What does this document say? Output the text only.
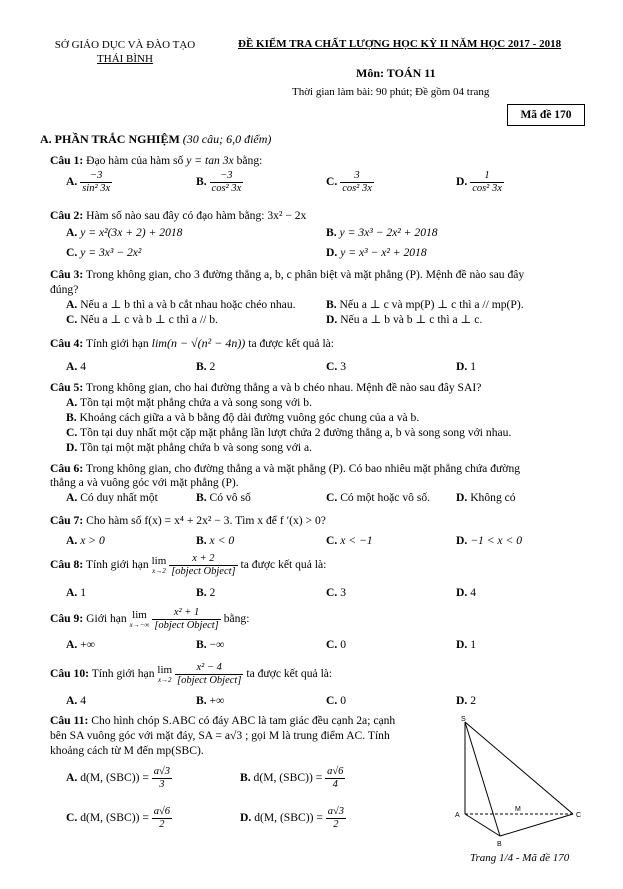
SỞ GIÁO DỤC VÀ ĐÀO TẠO
THÁI BÌNH
ĐỀ KIỂM TRA CHẤT LƯỢNG HỌC KỲ II NĂM HỌC 2017 - 2018
Môn: TOÁN 11
Thời gian làm bài: 90 phút; Đề gồm 04 trang
Mã đề 170
A. PHẦN TRẮC NGHIỆM (30 câu; 6,0 điểm)
Câu 1: Đạo hàm của hàm số y = tan 3x bằng:
A. $\frac{-3}{\text{sin² 3x}}$	B. $\frac{-3}{\text{cos² 3x}}$	C. $\frac{3}{\text{cos² 3x}}$	D. $\frac{1}{\text{cos² 3x}}$
Câu 2: Hàm số nào sau đây có đạo hàm bằng: 3x² − 2x
A. y = x²(3x + 2) + 2018	B. y = 3x³ − 2x² + 2018
C. y = 3x³ − 2x²	D. y = x³ − x² + 2018
Câu 3: Trong không gian, cho 3 đường thẳng a, b, c phân biệt và mặt phẳng (P). Mệnh đề nào sau đây
đúng?
A. Nếu a ⊥ b thì a và b cắt nhau hoặc chéo nhau.	B. Nếu a ⊥ c và mp(P) ⊥ c thì a // mp(P).
C. Nếu a ⊥ c và b ⊥ c thì a // b.	D. Nếu a ⊥ b và b ⊥ c thì a ⊥ c.
Câu 4: Tính giới hạn lim(n − √(n² − 4n)) ta được kết quả là:
A. 4	B. 2	C. 3	D. 1
Câu 5: Trong không gian, cho hai đường thẳng a và b chéo nhau. Mệnh đề nào sau đây SAI?
A. Tồn tại một mặt phẳng chứa a và song song với b.
B. Khoảng cách giữa a và b bằng độ dài đường vuông góc chung của a và b.
C. Tồn tại duy nhất một cặp mặt phẳng lần lượt chứa 2 đường thẳng a, b và song song với nhau.
D. Tồn tại một mặt phẳng chứa b và song song với a.
Câu 6: Trong không gian, cho đường thẳng a và mặt phẳng (P). Có bao nhiêu mặt phẳng chứa đường
thẳng a và vuông góc với mặt phẳng (P).
A. Có duy nhất một	B. Có vô số	C. Có một hoặc vô số. D. Không có
Câu 7: Cho hàm số f(x) = x⁴ + 2x² − 3. Tìm x để f ′(x) > 0?
A. x > 0	B. x < 0	C. x < −1	D. −1 < x < 0
Câu 8: Tính giới hạn lim
x→2
$\frac{x + 2}{\text{[object Object]}}$ ta được kết quả là:
A. 1	B. 2	C. 3	D. 4
Câu 9: Giới hạn lim
x→−∞
$\frac{\text{x² + 1}}{\text{[object Object]}}$ bằng:
A. +∞	B. −∞	C. 0	D. 1
Câu 10: Tính giới hạn lim
x→2
$\frac{\text{x² − 4}}{\text{[object Object]}}$ ta được kết quả là:
A. 4	B. +∞	C. 0	D. 2
Câu 11: Cho hình chóp S.ABC có đáy ABC là tam giác đều cạnh 2a; cạnh
bên SA vuông góc với mặt đáy, SA = a√3 ; gọi M là trung điểm AC. Tính
khoảng cách từ M đến mp(SBC).
A. d(M, $(SBC)) = \frac{a√3}{3}$	B. d(M, $(SBC)) = \frac{a√6}{4}$
C. d(M, $(SBC)) = \frac{a√6}{2}$	D. d(M, $(SBC)) = \frac{a√3}{2}$
S
A
B
C
M
Trang 1/4 - Mã đề 170
